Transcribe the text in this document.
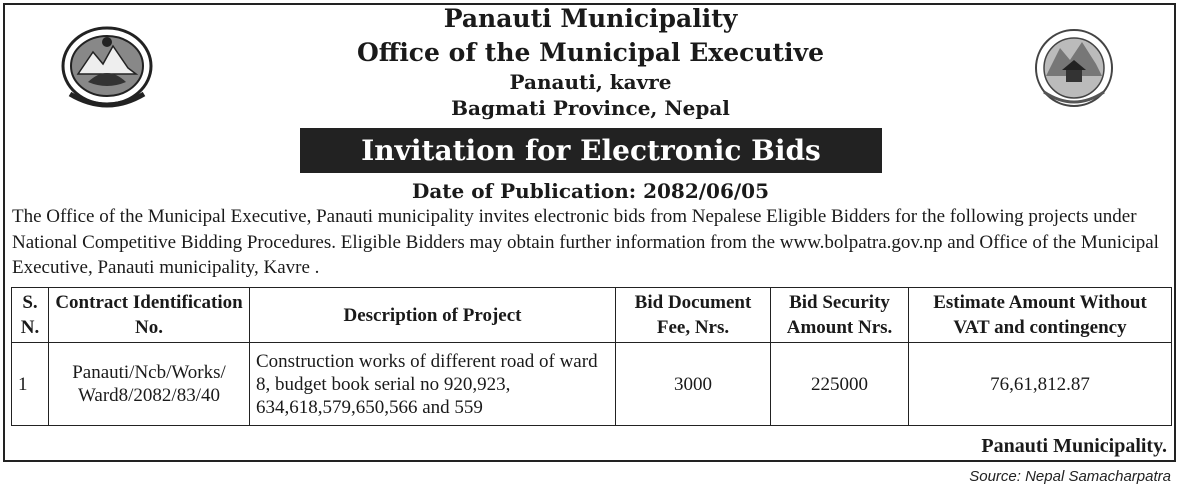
Panauti Municipality
Office of the Municipal Executive
Panauti, kavre
Bagmati Province, Nepal
Invitation for Electronic Bids
Date of Publication: 2082/06/05
The Office of the Municipal Executive, Panauti municipality invites electronic bids from Nepalese Eligible Bidders for the following projects under National Competitive Bidding Procedures. Eligible Bidders may obtain further information from the www.bolpatra.gov.np and Office of the Municipal Executive, Panauti municipality, Kavre .
S. N.	Contract Identification No.	Description of Project	Bid Document Fee, Nrs.	Bid Security Amount Nrs.	Estimate Amount Without VAT and contingency
1	Panauti/Ncb/Works/ Ward8/2082/83/40	Construction works of different road of ward 8, budget book serial no 920,923, 634,618,579,650,566 and 559	3000	225000	76,61,812.87
Panauti Municipality.
Source: Nepal Samacharpatra
